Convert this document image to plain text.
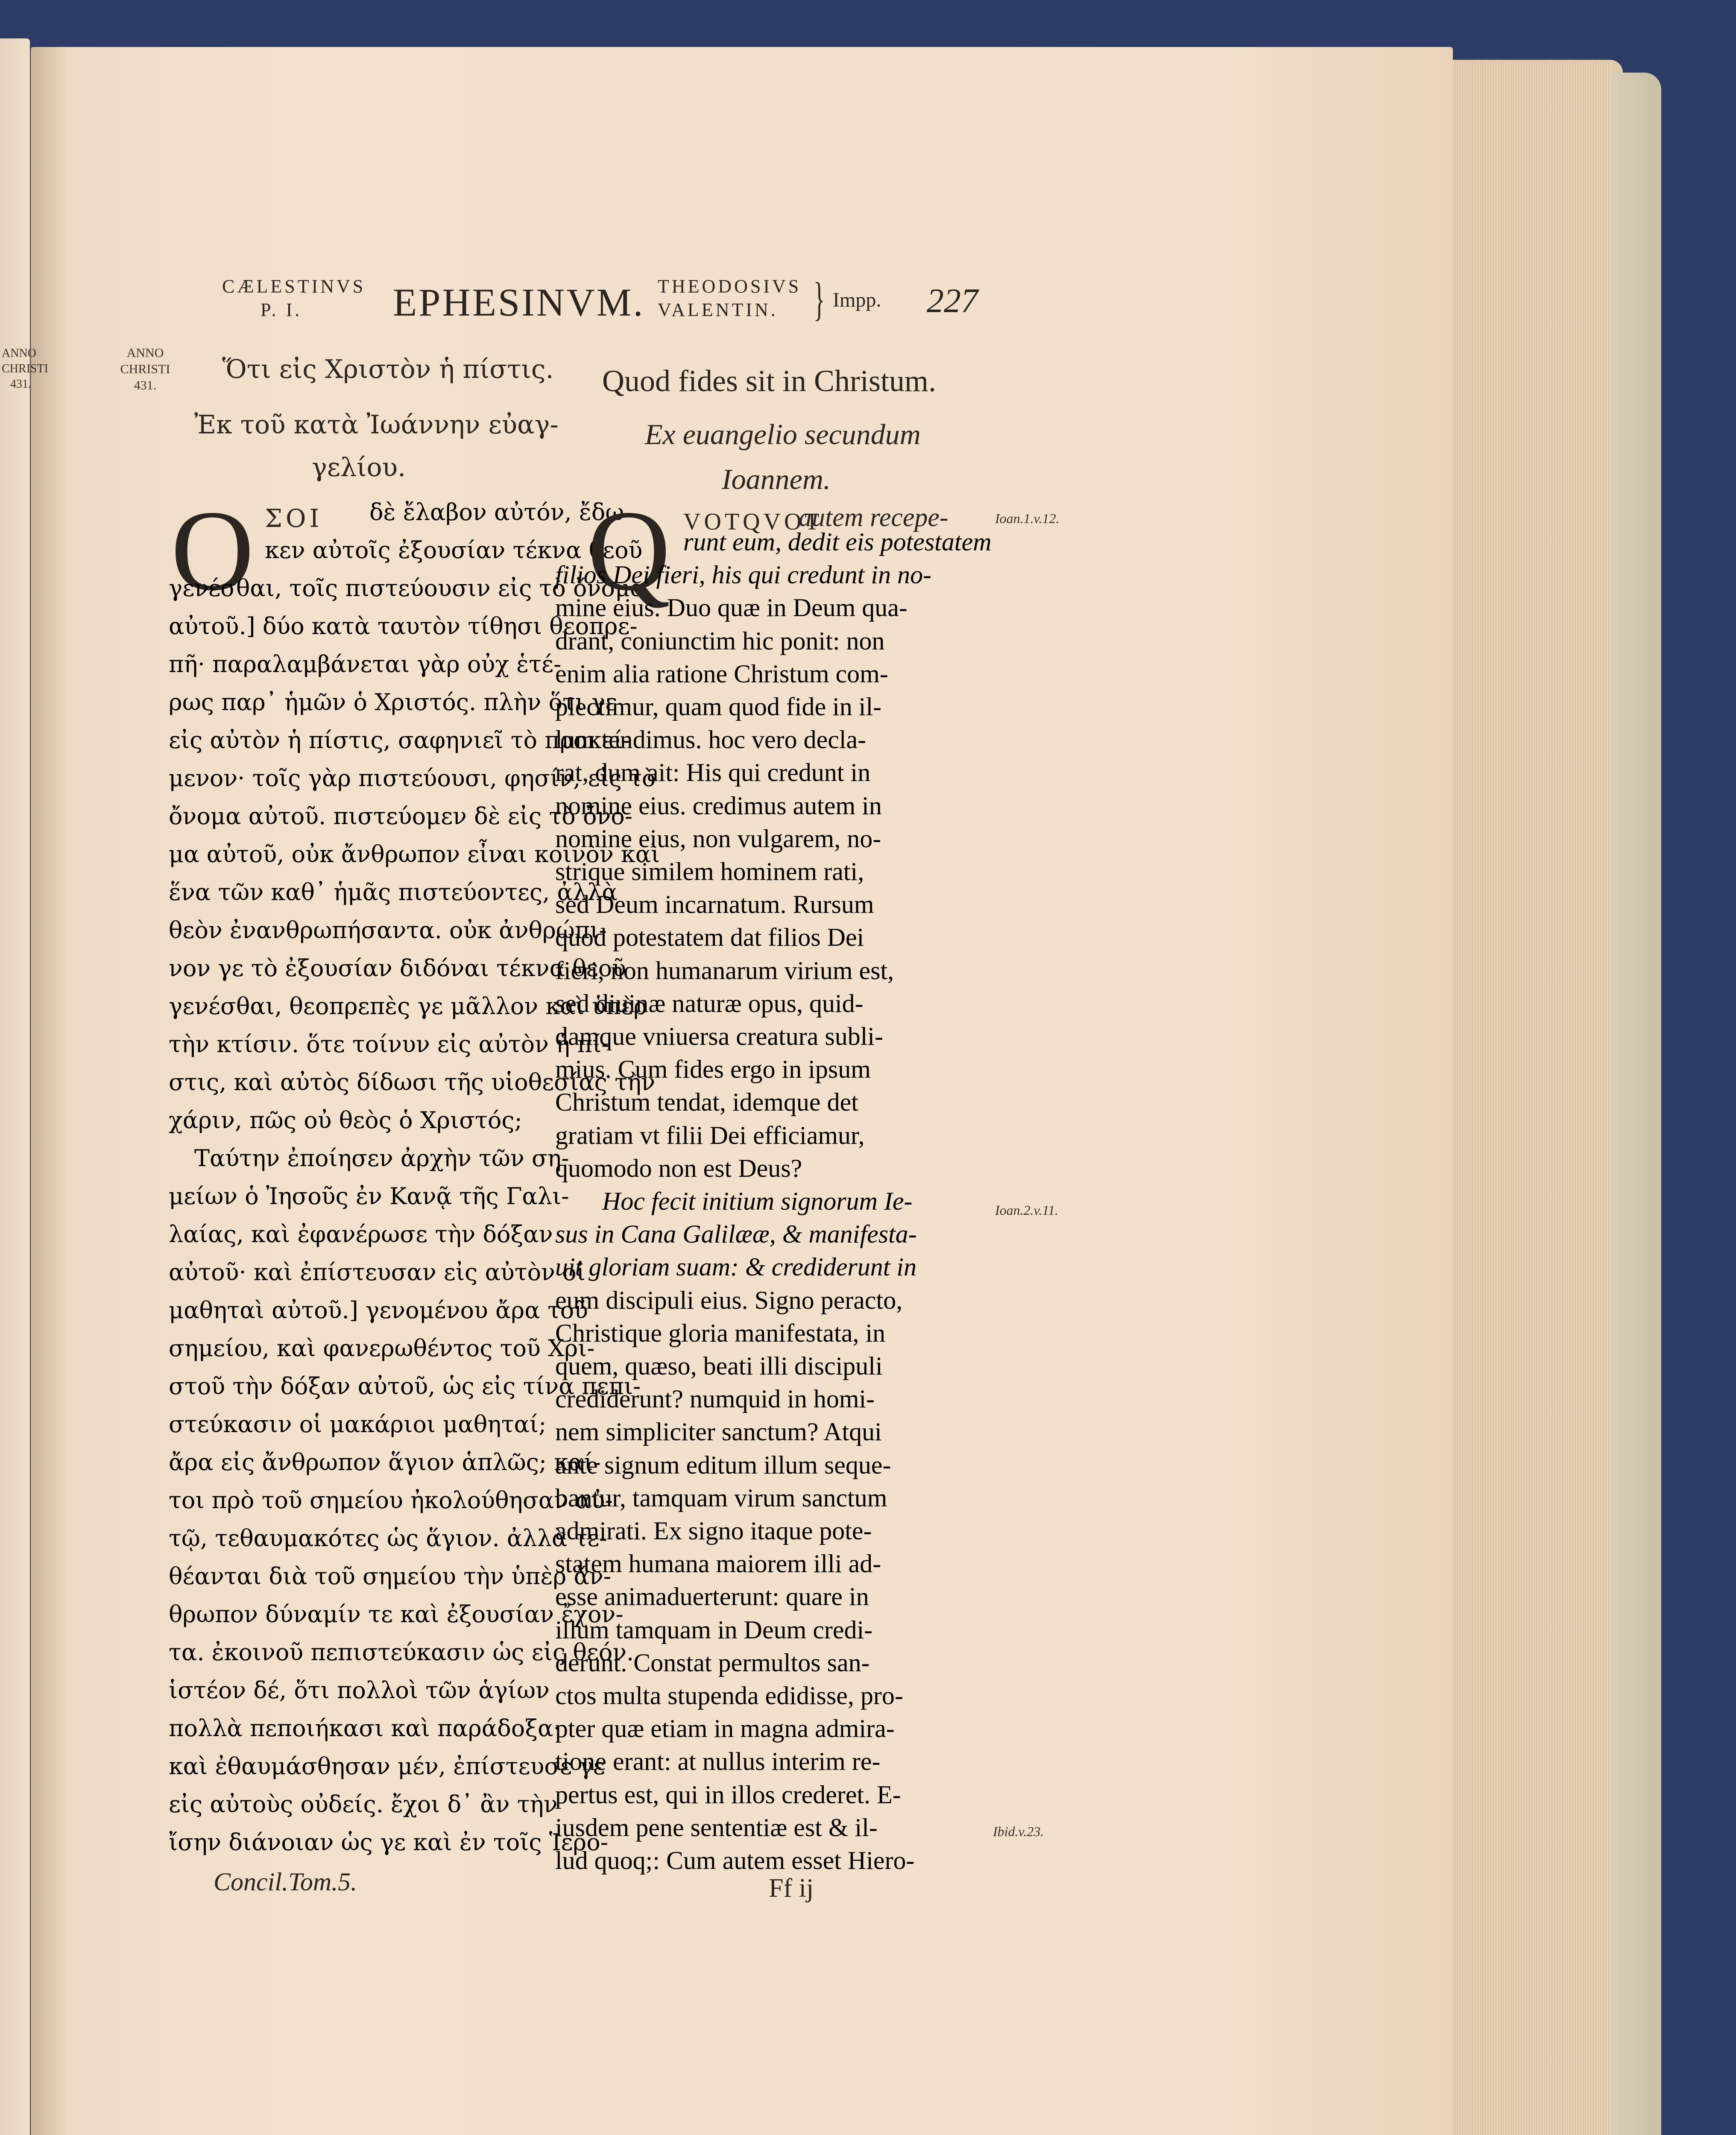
ANNO
CHRISTI
431.
CÆLESTINVS
P. I. EPHESINVM. THEODOSIVS
VALENTIN. } Impp. 227
ANNO
CHRISTI
431.
Ὅτι εἰς Χριστὸν ἡ πίστις.
Ἐκ τοῦ κατὰ Ἰωάννην εὐαγ-
γελίου.
Ο ΣΟΙ δὲ ἔλαβον αὐτόν, ἔδω-
κεν αὐτοῖς ἐξουσίαν τέκνα θεοῦ
γενέσθαι, τοῖς πιστεύουσιν εἰς τὸ ὄνομα
αὐτοῦ.] δύο κατὰ ταυτὸν τίθησι θεοπρε-
πῆ· παραλαμβάνεται γὰρ οὐχ ἑτέ-
ρως παρ᾽ ἡμῶν ὁ Χριστός. πλὴν ὅτι γε
εἰς αὐτὸν ἡ πίστις, σαφηνιεῖ τὸ προκεί-
μενον· τοῖς γὰρ πιστεύουσι, φησίν, εἰς τὸ
ὄνομα αὐτοῦ. πιστεύομεν δὲ εἰς τὸ ὄνο-
μα αὐτοῦ, οὐκ ἄνθρωπον εἶναι κοινὸν καὶ
ἕνα τῶν καθ᾽ ἡμᾶς πιστεύοντες, ἀλλὰ
θεὸν ἐνανθρωπήσαντα. οὐκ ἀνθρώπι-
νον γε τὸ ἐξουσίαν διδόναι τέκνα θεοῦ
γενέσθαι, θεοπρεπὲς γε μᾶλλον καὶ ὑπὲρ
τὴν κτίσιν. ὅτε τοίνυν εἰς αὐτὸν ἡ πί-
στις, καὶ αὐτὸς δίδωσι τῆς υἱοθεσίας τὴν
χάριν, πῶς οὐ θεὸς ὁ Χριστός;
Ταύτην ἐποίησεν ἀρχὴν τῶν ση-
μείων ὁ Ἰησοῦς ἐν Κανᾷ τῆς Γαλι-
λαίας, καὶ ἐφανέρωσε τὴν δόξαν
αὐτοῦ· καὶ ἐπίστευσαν εἰς αὐτὸν οἱ
μαθηταὶ αὐτοῦ.] γενομένου ἄρα τοῦ
σημείου, καὶ φανερωθέντος τοῦ Χρι-
στοῦ τὴν δόξαν αὐτοῦ, ὡς εἰς τίνα πεπι-
στεύκασιν οἱ μακάριοι μαθηταί;
ἄρα εἰς ἄνθρωπον ἅγιον ἁπλῶς; καί-
τοι πρὸ τοῦ σημείου ἠκολούθησαν αὐ-
τῷ, τεθαυμακότες ὡς ἅγιον. ἀλλὰ τε-
θέανται διὰ τοῦ σημείου τὴν ὑπὲρ ἄν-
θρωπον δύναμίν τε καὶ ἐξουσίαν ἔχον-
τα. ἐκοινοῦ πεπιστεύκασιν ὡς εἰς θεόν.
ἱστέον δέ, ὅτι πολλοὶ τῶν ἁγίων
πολλὰ πεποιήκασι καὶ παράδοξα·
καὶ ἐθαυμάσθησαν μέν, ἐπίστευσε γε
εἰς αὐτοὺς οὐδείς. ἔχοι δ᾽ ἂν τὴν
ἴσην διάνοιαν ὡς γε καὶ ἐν τοῖς Ἱερο-
Concil.Tom.5.
Quod fides sit in Christum.
Ex euangelio secundum
Ioannem.
Q VOTQVOT
autem recepe-
runt eum, dedit eis potestatem
filios Dei fieri, his qui credunt in no-
mine eius. Duo quæ in Deum qua-
drant, coniunctim hic ponit: non
enim alia ratione Christum com-
plectimur, quam quod fide in il-
lum tendimus. hoc vero decla-
rat, dum ait: His qui credunt in
nomine eius. credimus autem in
nomine eius, non vulgarem, no-
strique similem hominem rati,
sed Deum incarnatum. Rursum
quod potestatem dat filios Dei
fieri, non humanarum virium est,
sed diuinæ naturæ opus, quid-
damque vniuersa creatura subli-
mius. Cum fides ergo in ipsum
Christum tendat, idemque det
gratiam vt filii Dei efficiamur,
quomodo non est Deus?
Hoc fecit initium signorum Ie-
sus in Cana Galilææ, & manifesta-
uit gloriam suam: & crediderunt in
eum discipuli eius. Signo peracto,
Christique gloria manifestata, in
quem, quæso, beati illi discipuli
crediderunt? numquid in homi-
nem simpliciter sanctum? Atqui
ante signum editum illum seque-
bantur, tamquam virum sanctum
admirati. Ex signo itaque pote-
statem humana maiorem illi ad-
esse animaduerterunt: quare in
illum tamquam in Deum credi-
derunt. Constat permultos san-
ctos multa stupenda edidisse, pro-
pter quæ etiam in magna admira-
tione erant: at nullus interim re-
pertus est, qui in illos crederet. E-
iusdem pene sententiæ est & il-
lud quoq;: Cum autem esset Hiero-
Ff ij
Ioan.1.v.12.
Ioan.2.v.11.
Ibid.v.23.
